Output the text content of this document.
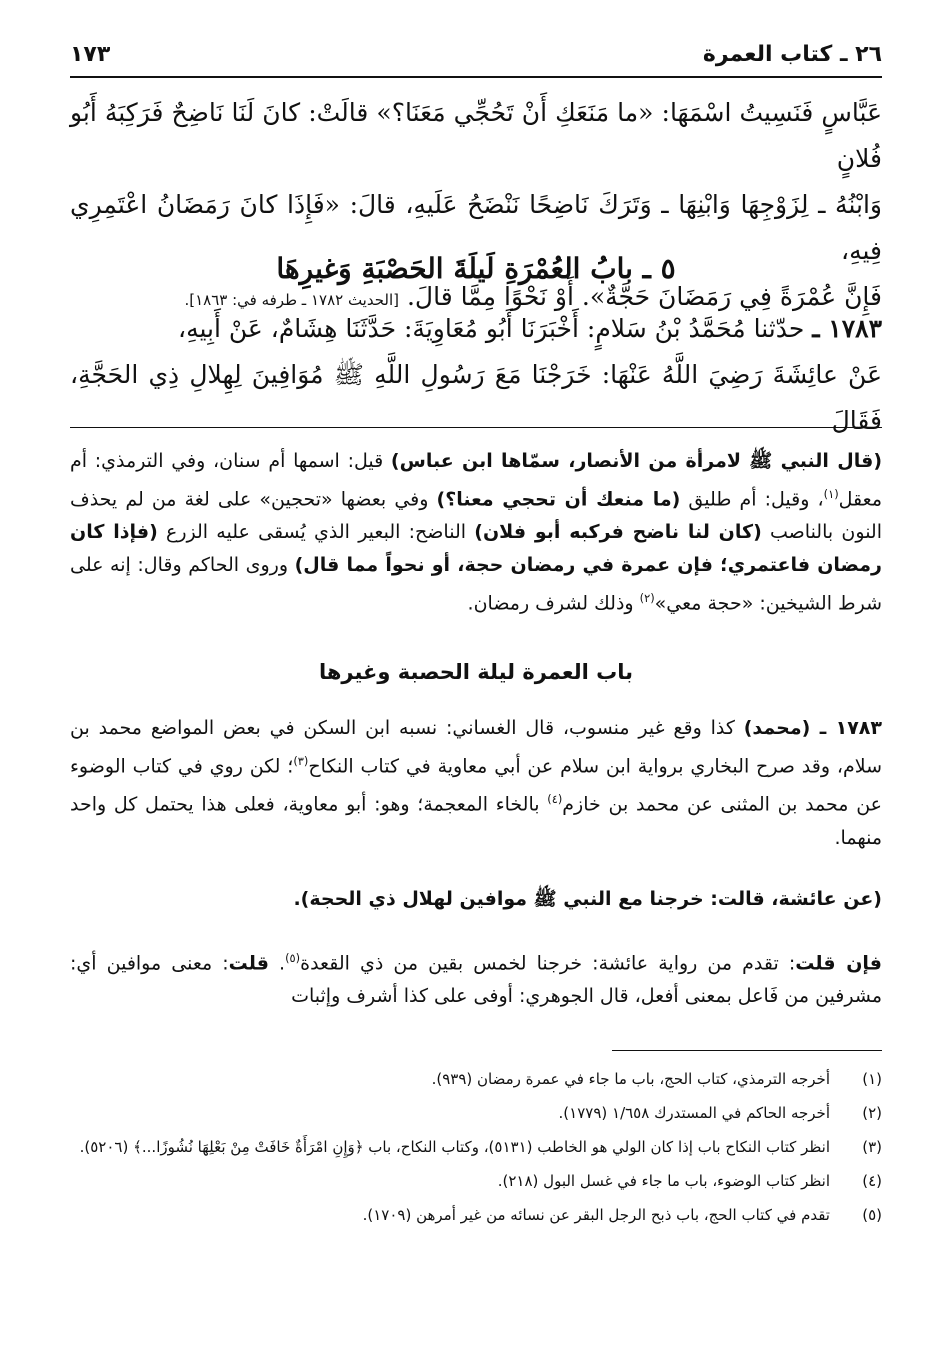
٢٦ ـ كتاب العمرة
١٧٣

عَبَّاسٍ فَنَسِيتُ اسْمَهَا: «ما مَنَعَكِ أَنْ تَحُجِّي مَعَنَا؟» قالَتْ: كانَ لَنَا نَاضِحٌ فَرَكِبَهُ أَبُو فُلانٍ

وَابْنُهُ ـ لِزَوْجِهَا وَابْنِهَا ـ وَتَرَكَ نَاضِحًا نَنْضَحُ عَلَيهِ، قالَ: «فَإِذَا كانَ رَمَضَانُ اعْتَمِرِي فِيهِ،

فَإِنَّ عُمْرَةً فِي رَمَضَانَ حَجَّةٌ». أَوْ نَحْوًا مِمَّا قالَ. [الحديث ١٧٨٢ ـ طرفه في: ١٨٦٣].

٥ ـ بابُ العُمْرَةِ لَيلَةَ الحَصْبَةِ وَغيرِهَا

١٧٨٣ ـ حدّثنا مُحَمَّدُ بْنُ سَلامٍ: أَخْبَرَنَا أَبُو مُعَاوِيَةَ: حَدَّثَنَا هِشَامٌ، عَنْ أَبِيهِ،

عَنْ عائِشَةَ رَضِيَ اللَّهُ عَنْهَا: خَرَجْنَا مَعَ رَسُولِ اللَّهِ ﷺ مُوَافِينَ لِهِلالِ ذِي الحَجَّةِ، فَقَالَ

(قال النبي ﷺ لامرأة من الأنصار، سمّاها ابن عباس) قيل: اسمها أم سنان، وفي الترمذي: أم معقل$^{(١)}$، وقيل: أم طليق (ما منعك أن تحجي معنا؟) وفي بعضها «تحجين» على لغة من لم يحذف النون بالناصب (كان لنا ناضح فركبه أبو فلان) الناضح: البعير الذي يُسقى عليه الزرع (فإذا كان رمضان فاعتمري؛ فإن عمرة في رمضان حجة، أو نحواً مما قال) وروى الحاكم وقال: إنه على شرط الشيخين: «حجة معي»$^{(٢)}$ وذلك لشرف رمضان.

باب العمرة ليلة الحصبة وغيرها

١٧٨٣ ـ (محمد) كذا وقع غير منسوب، قال الغساني: نسبه ابن السكن في بعض المواضع محمد بن سلام، وقد صرح البخاري برواية ابن سلام عن أبي معاوية في كتاب النكاح$^{(٣)}$؛ لكن روي في كتاب الوضوء عن محمد بن المثنى عن محمد بن خازم$^{(٤)}$ بالخاء المعجمة؛ وهو: أبو معاوية، فعلى هذا يحتمل كل واحد منهما.

(عن عائشة، قالت: خرجنا مع النبي ﷺ موافين لهلال ذي الحجة).

فإن قلت: تقدم من رواية عائشة: خرجنا لخمس بقين من ذي القعدة$^{(٥)}$. قلت: معنى موافين أي: مشرفين من فَاعل بمعنى أفعل، قال الجوهري: أوفى على كذا أشرف وإثبات

(١)
أخرجه الترمذي، كتاب الحج، باب ما جاء في عمرة رمضان (٩٣٩).
(٢)
أخرجه الحاكم في المستدرك ١/٦٥٨ (١٧٧٩).
(٣)
انظر كتاب النكاح باب إذا كان الولي هو الخاطب (٥١٣١)، وكتاب النكاح، باب ﴿وَإِنِ امْرَأَةٌ خَافَتْ مِنْ بَعْلِهَا نُشُوزًا...﴾ (٥٢٠٦).
(٤)
انظر كتاب الوضوء، باب ما جاء في غسل البول (٢١٨).
(٥)
تقدم في كتاب الحج، باب ذبح الرجل البقر عن نسائه من غير أمرهن (١٧٠٩).
